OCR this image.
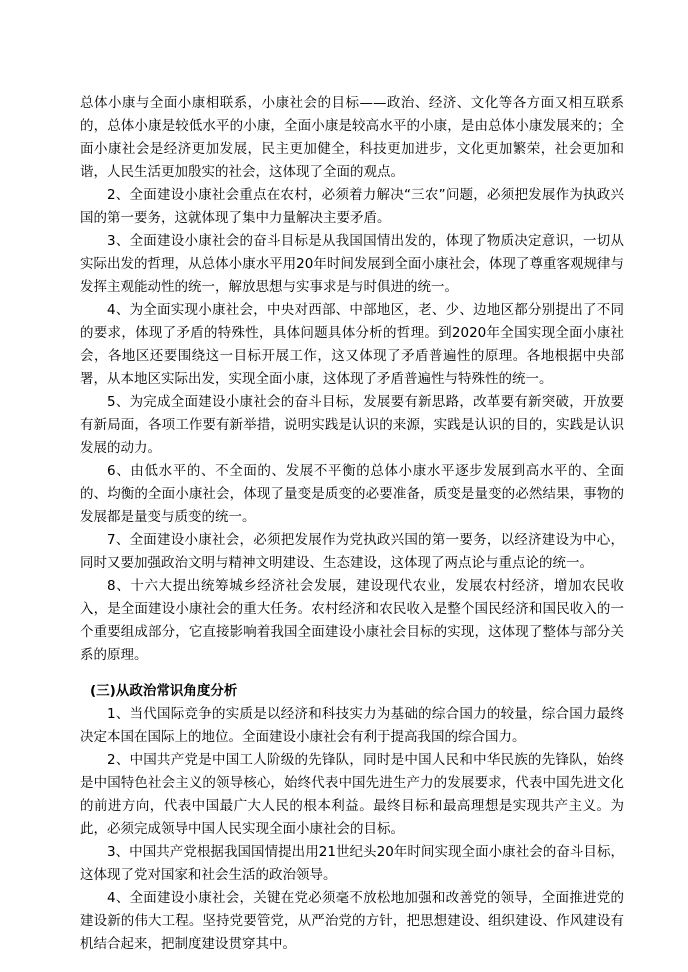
总体小康与全面小康相联系，小康社会的目标——政治、经济、文化等各方面又相互联系的，总体小康是较低水平的小康，全面小康是较高水平的小康，是由总体小康发展来的；全面小康社会是经济更加发展，民主更加健全，科技更加进步，文化更加繁荣，社会更加和谐，人民生活更加殷实的社会，这体现了全面的观点。

2、全面建设小康社会重点在农村，必须着力解决“三农”问题，必须把发展作为执政兴国的第一要务，这就体现了集中力量解决主要矛盾。

3、全面建设小康社会的奋斗目标是从我国国情出发的，体现了物质决定意识，一切从实际出发的哲理，从总体小康水平用20年时间发展到全面小康社会，体现了尊重客观规律与发挥主观能动性的统一，解放思想与实事求是与时俱进的统一。

4、为全面实现小康社会，中央对西部、中部地区，老、少、边地区都分别提出了不同的要求，体现了矛盾的特殊性，具体问题具体分析的哲理。到2020年全国实现全面小康社会，各地区还要围绕这一目标开展工作，这又体现了矛盾普遍性的原理。各地根据中央部署，从本地区实际出发，实现全面小康，这体现了矛盾普遍性与特殊性的统一。

5、为完成全面建设小康社会的奋斗目标，发展要有新思路，改革要有新突破，开放要有新局面，各项工作要有新举措，说明实践是认识的来源，实践是认识的目的，实践是认识发展的动力。

6、由低水平的、不全面的、发展不平衡的总体小康水平逐步发展到高水平的、全面的、均衡的全面小康社会，体现了量变是质变的必要准备，质变是量变的必然结果，事物的发展都是量变与质变的统一。

7、全面建设小康社会，必须把发展作为党执政兴国的第一要务，以经济建设为中心，同时又要加强政治文明与精神文明建设、生态建设，这体现了两点论与重点论的统一。

8、十六大提出统筹城乡经济社会发展，建设现代农业，发展农村经济，增加农民收入，是全面建设小康社会的重大任务。农村经济和农民收入是整个国民经济和国民收入的一个重要组成部分，它直接影响着我国全面建设小康社会目标的实现，这体现了整体与部分关系的原理。

(三)从政治常识角度分析

1、当代国际竞争的实质是以经济和科技实力为基础的综合国力的较量，综合国力最终决定本国在国际上的地位。全面建设小康社会有利于提高我国的综合国力。

2、中国共产党是中国工人阶级的先锋队，同时是中国人民和中华民族的先锋队，始终是中国特色社会主义的领导核心，始终代表中国先进生产力的发展要求，代表中国先进文化的前进方向，代表中国最广大人民的根本利益。最终目标和最高理想是实现共产主义。为此，必须完成领导中国人民实现全面小康社会的目标。

3、中国共产党根据我国国情提出用21世纪头20年时间实现全面小康社会的奋斗目标，这体现了党对国家和社会生活的政治领导。

4、全面建设小康社会，关键在党必须毫不放松地加强和改善党的领导，全面推进党的建设新的伟大工程。坚持党要管党，从严治党的方针，把思想建设、组织建设、作风建设有机结合起来，把制度建设贯穿其中。
